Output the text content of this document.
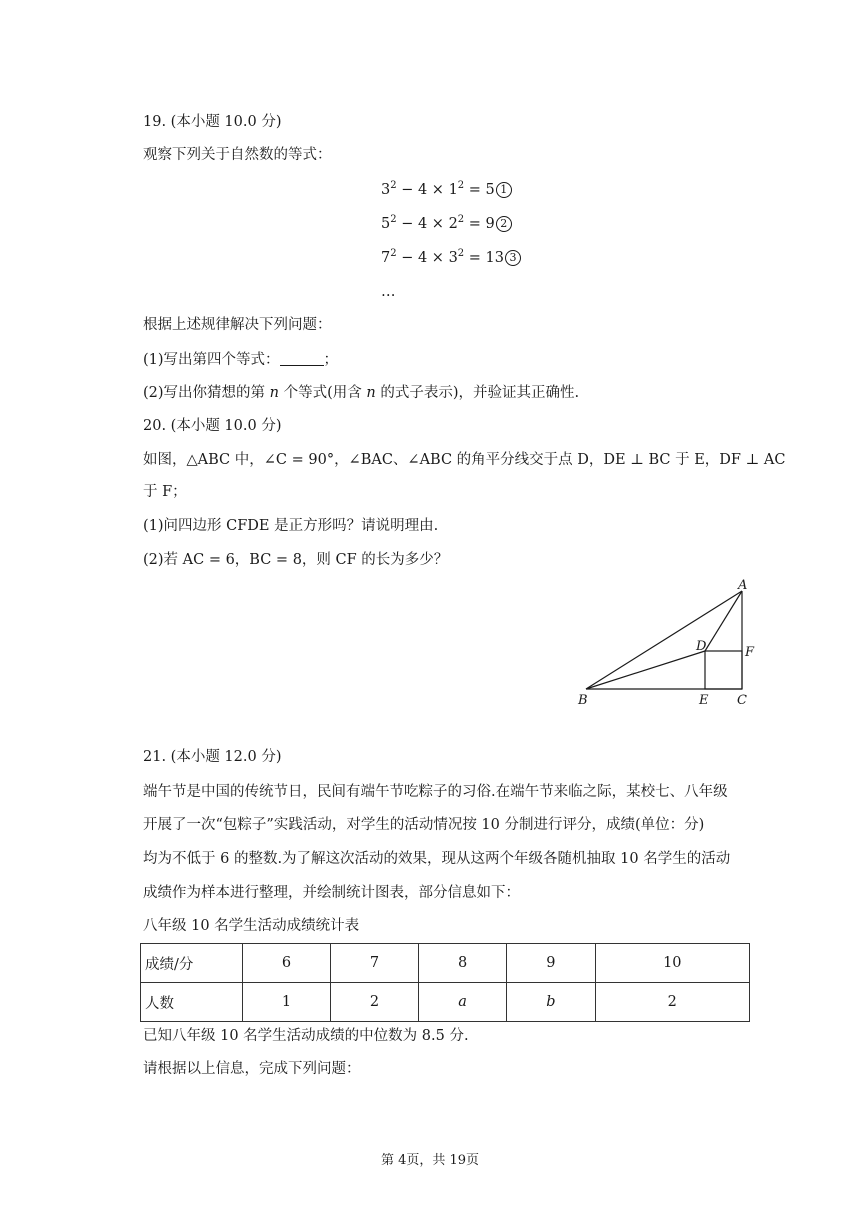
19. (本小题 10.0 分)
观察下列关于自然数的等式：
$3^2 - 4 \times 1^2 = 5$ 1
$5^2 - 4 \times 2^2 = 9$ 2
$7^2 - 4 \times 3^2 = 13$ 3
…
根据上述规律解决下列问题：
(1)写出第四个等式：	；
(2)写出你猜想的第 n 个等式(用含 n 的式子表示)，并验证其正确性.
20. (本小题 10.0 分)
如图，△ABC 中，∠C = 90°，∠BAC、∠ABC 的角平分线交于点 D，DE ⊥ BC 于 E，DF ⊥ AC
于 F；
(1)问四边形 CFDE 是正方形吗？请说明理由.
(2)若 AC = 6，BC = 8，则 CF 的长为多少？
A
B	C
D
E
F
21. (本小题 12.0 分)
端午节是中国的传统节日，民间有端午节吃粽子的习俗.在端午节来临之际，某校七、八年级
开展了一次“包粽子”实践活动，对学生的活动情况按 10 分制进行评分，成绩(单位：分)
均为不低于 6 的整数.为了解这次活动的效果，现从这两个年级各随机抽取 10 名学生的活动
成绩作为样本进行整理，并绘制统计图表，部分信息如下：
八年级 10 名学生活动成绩统计表
成绩/分	6	7	8	9	10
人数	1	2	a	b	2
已知八年级 10 名学生活动成绩的中位数为 8.5 分.
请根据以上信息，完成下列问题：
第 4页，共 19页
